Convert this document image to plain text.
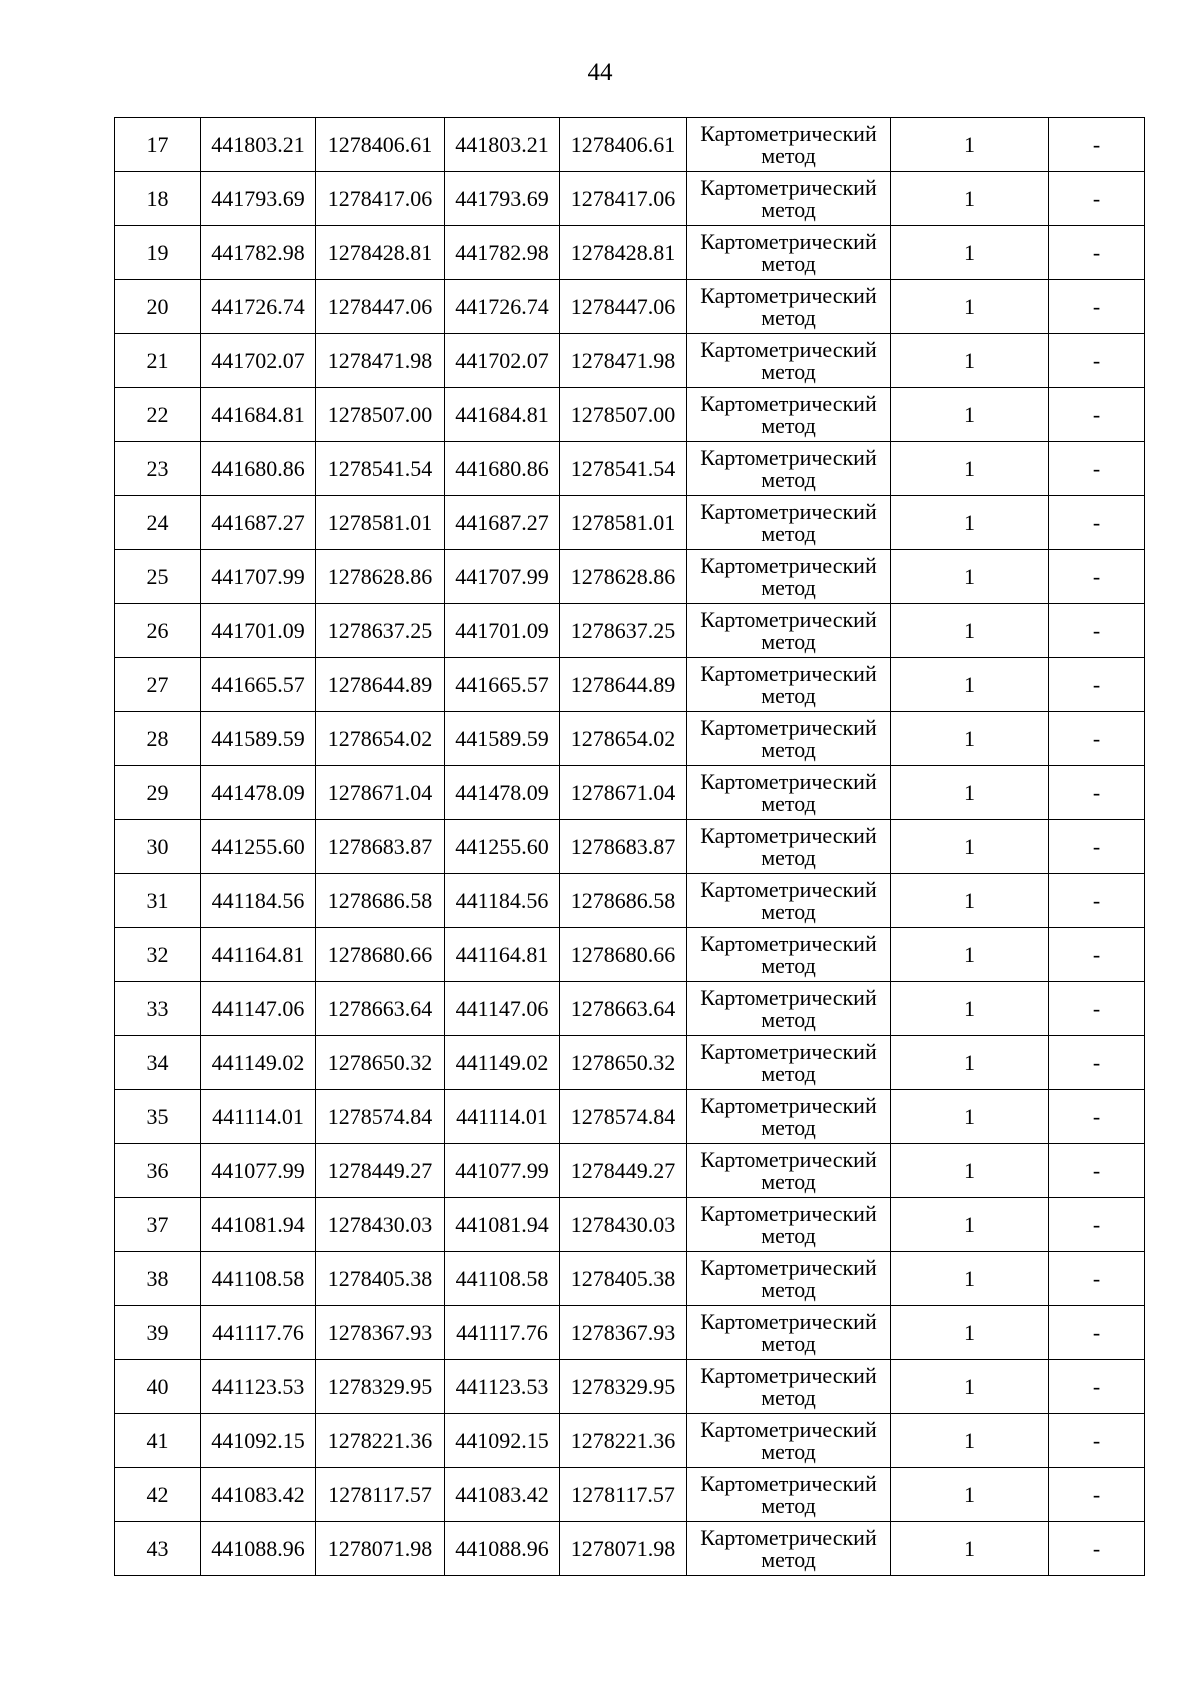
44
17	441803.21	1278406.61	441803.21	1278406.61	Картометрический
метод	1	-
18	441793.69	1278417.06	441793.69	1278417.06	Картометрический
метод	1	-
19	441782.98	1278428.81	441782.98	1278428.81	Картометрический
метод	1	-
20	441726.74	1278447.06	441726.74	1278447.06	Картометрический
метод	1	-
21	441702.07	1278471.98	441702.07	1278471.98	Картометрический
метод	1	-
22	441684.81	1278507.00	441684.81	1278507.00	Картометрический
метод	1	-
23	441680.86	1278541.54	441680.86	1278541.54	Картометрический
метод	1	-
24	441687.27	1278581.01	441687.27	1278581.01	Картометрический
метод	1	-
25	441707.99	1278628.86	441707.99	1278628.86	Картометрический
метод	1	-
26	441701.09	1278637.25	441701.09	1278637.25	Картометрический
метод	1	-
27	441665.57	1278644.89	441665.57	1278644.89	Картометрический
метод	1	-
28	441589.59	1278654.02	441589.59	1278654.02	Картометрический
метод	1	-
29	441478.09	1278671.04	441478.09	1278671.04	Картометрический
метод	1	-
30	441255.60	1278683.87	441255.60	1278683.87	Картометрический
метод	1	-
31	441184.56	1278686.58	441184.56	1278686.58	Картометрический
метод	1	-
32	441164.81	1278680.66	441164.81	1278680.66	Картометрический
метод	1	-
33	441147.06	1278663.64	441147.06	1278663.64	Картометрический
метод	1	-
34	441149.02	1278650.32	441149.02	1278650.32	Картометрический
метод	1	-
35	441114.01	1278574.84	441114.01	1278574.84	Картометрический
метод	1	-
36	441077.99	1278449.27	441077.99	1278449.27	Картометрический
метод	1	-
37	441081.94	1278430.03	441081.94	1278430.03	Картометрический
метод	1	-
38	441108.58	1278405.38	441108.58	1278405.38	Картометрический
метод	1	-
39	441117.76	1278367.93	441117.76	1278367.93	Картометрический
метод	1	-
40	441123.53	1278329.95	441123.53	1278329.95	Картометрический
метод	1	-
41	441092.15	1278221.36	441092.15	1278221.36	Картометрический
метод	1	-
42	441083.42	1278117.57	441083.42	1278117.57	Картометрический
метод	1	-
43	441088.96	1278071.98	441088.96	1278071.98	Картометрический
метод	1	-
